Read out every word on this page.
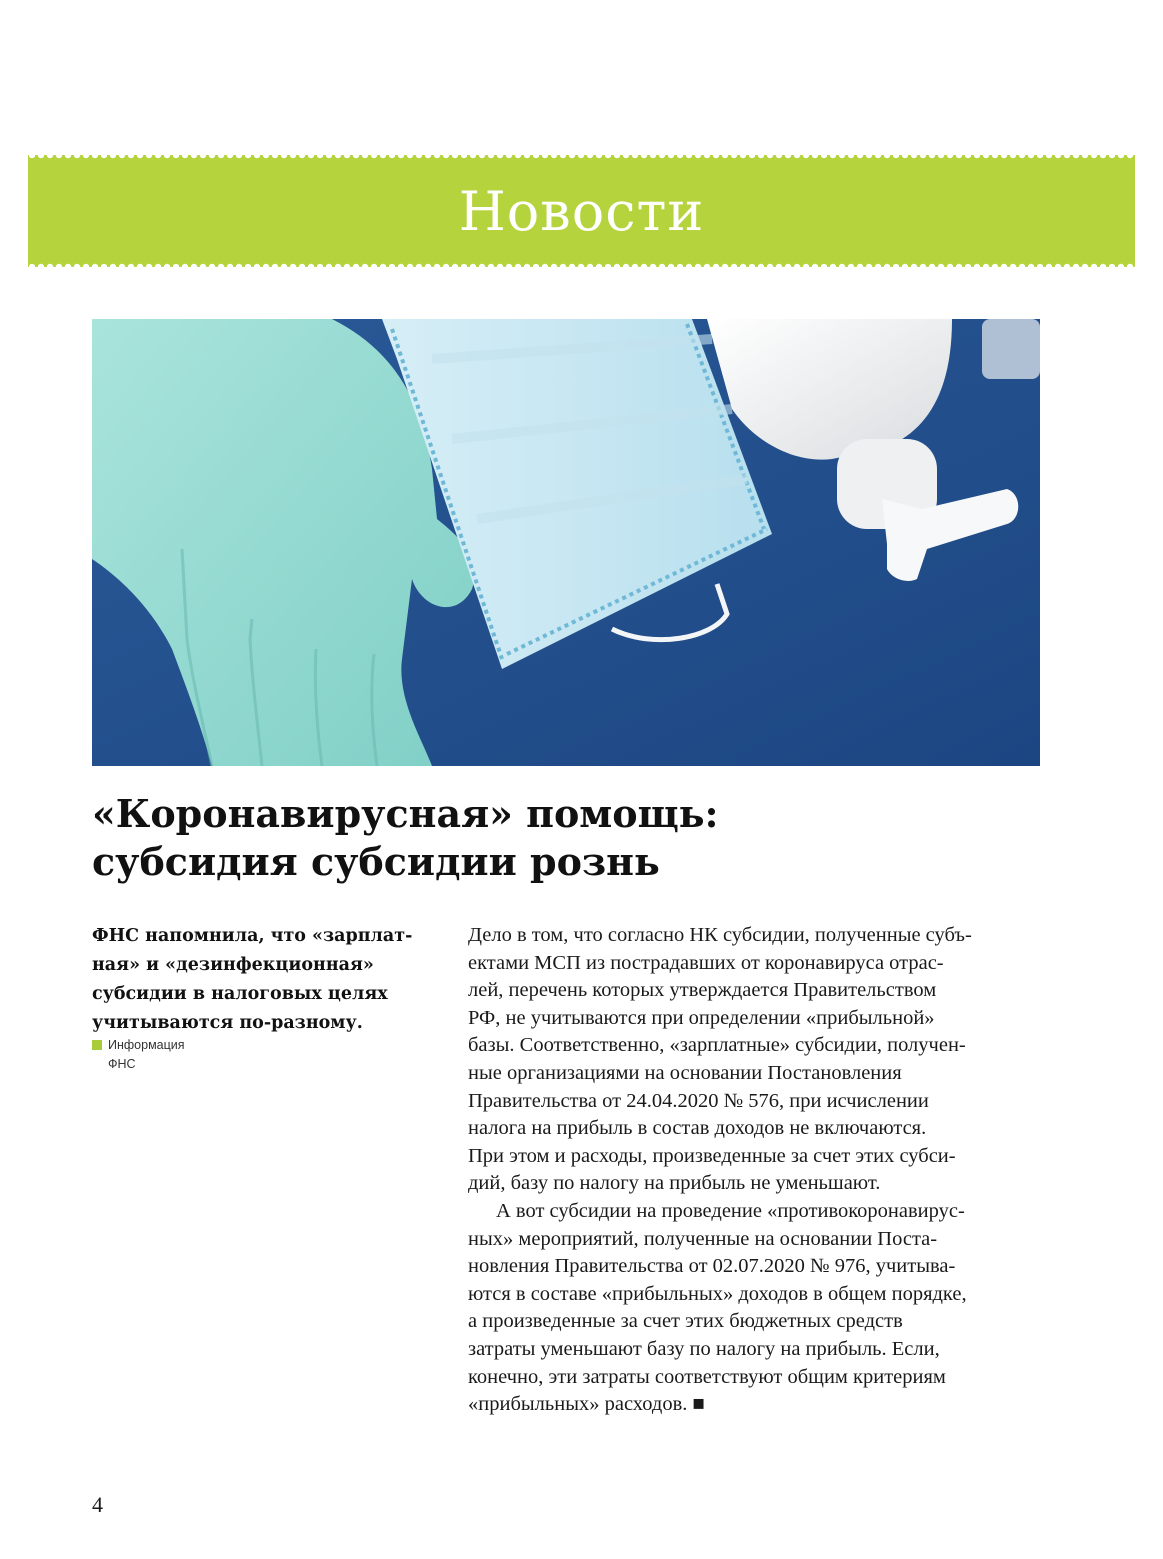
Новости
«Коронавирусная» помощь:
субсидия субсидии рознь
ФНС напомнила, что «зарплат-
ная» и «дезинфекционная»
субсидии в налоговых целях
учитываются по-разному.
Информация
ФНС
Дело в том, что согласно НК субсидии, полученные субъ-
ектами МСП из пострадавших от коронавируса отрас-
лей, перечень которых утверждается Правительством
РФ, не учитываются при определении «прибыльной»
базы. Соответственно, «зарплатные» субсидии, получен-
ные организациями на основании Постановления
Правительства от 24.04.2020 № 576, при исчислении
налога на прибыль в состав доходов не включаются.
При этом и расходы, произведенные за счет этих субси-
дий, базу по налогу на прибыль не уменьшают.
А вот субсидии на проведение «противокоронавирус-
ных» мероприятий, полученные на основании Поста-
новления Правительства от 02.07.2020 № 976, учитыва-
ются в составе «прибыльных» доходов в общем порядке,
а произведенные за счет этих бюджетных средств
затраты уменьшают базу по налогу на прибыль. Если,
конечно, эти затраты соответствуют общим критериям
«прибыльных» расходов. ■
4
